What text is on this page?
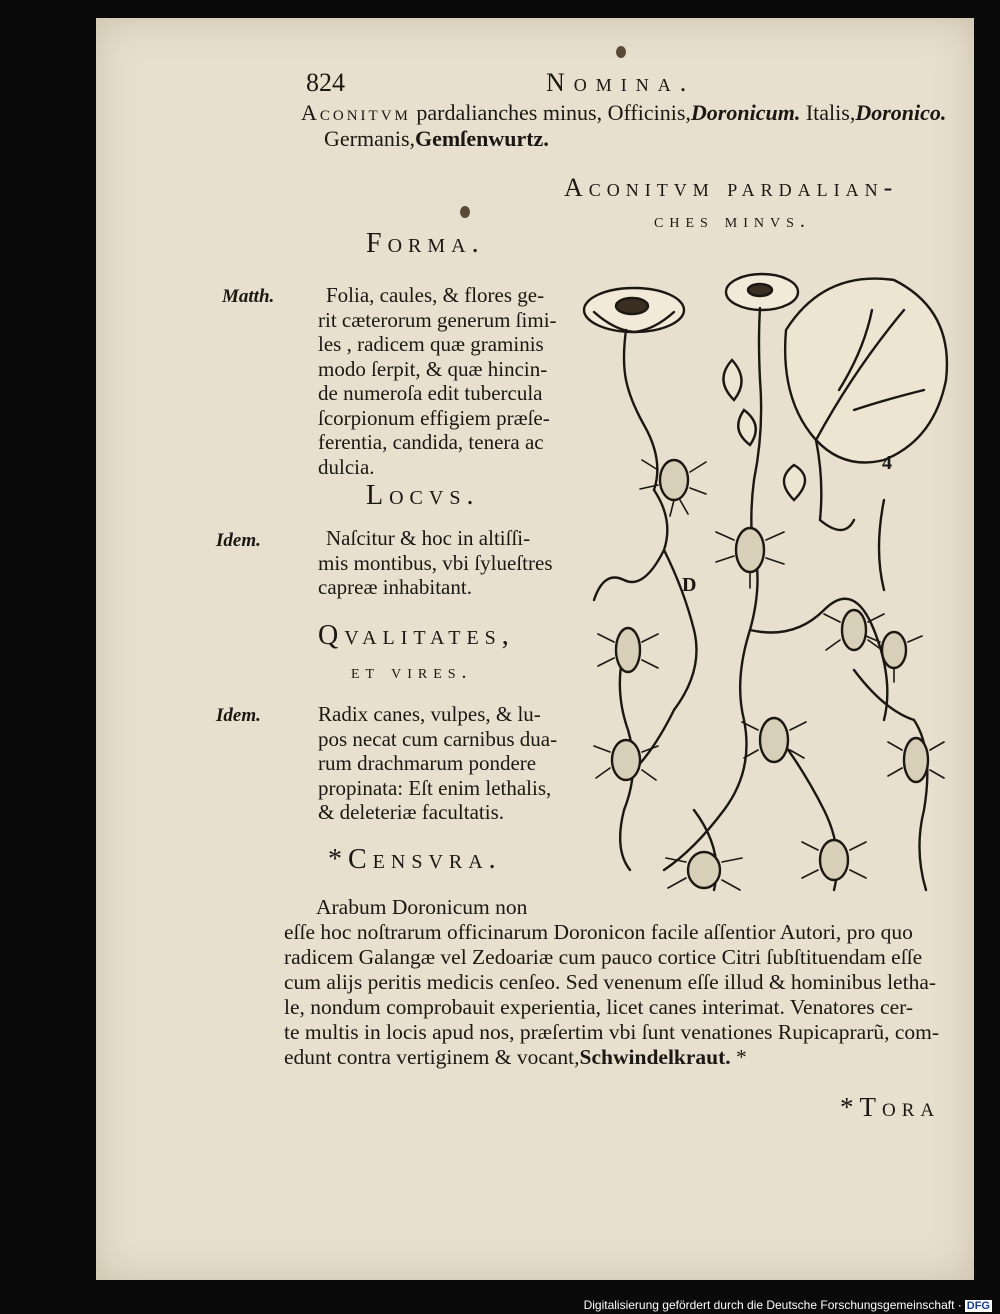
824	Nomina.
Aconitvm pardalianches minus, Officinis,Doronicum. Italis,Doronico.
Germanis,Gemſenwurtz.
Aconitvm pardalian-
ches minvs.
Forma.
Matth.	Folia, caules, & flores ge-
rit cæterorum generum ſimi-
les , radicem quæ graminis
modo ſerpit, & quæ hincin-
de numeroſa edit tubercula
ſcorpionum effigiem præſe-
ferentia, candida, tenera ac
dulcia.
Locvs.
Idem.	Naſcitur & hoc in altiſſi-
mis montibus, vbi ſylueſtres
capreæ inhabitant.
Qvalitates,
et vires.
Idem.	Radix canes, vulpes, & lu-
pos necat cum carnibus dua-
rum drachmarum pondere
propinata: Eſt enim lethalis,
& deleteriæ facultatis.
*Censvra.
Arabum Doronicum non
eſſe hoc noſtrarum officinarum Doronicon facile aſſentior Autori, pro quo
radicem Galangæ vel Zedoariæ cum pauco cortice Citri ſubſtituendam eſſe
cum alijs peritis medicis cenſeo. Sed venenum eſſe illud & hominibus letha-
le, nondum comprobauit experientia, licet canes interimat. Venatores cer-
te multis in locis apud nos, præſertim vbi ſunt venationes Rupicaprarũ, com-
edunt contra vertiginem & vocant,Schwindelkraut. *
*Tora
D
4
Digitalisierung gefördert durch die Deutsche Forschungsgemeinschaft · DFG
